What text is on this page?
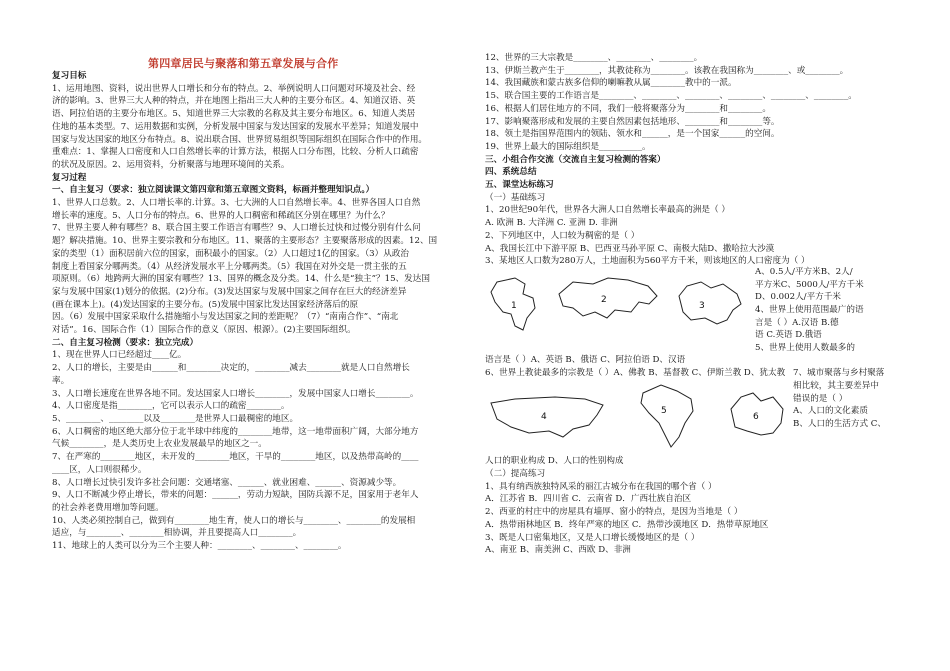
第四章居民与聚落和第五章发展与合作
复习目标
1、运用地图、资料，说出世界人口增长和分布的特点。2、举例说明人口问题对环境及社会、经
济的影响。3、世界三大人种的特点，并在地图上指出三大人种的主要分布区。4、知道汉语、英
语、阿拉伯语的主要分布地区。5、知道世界三大宗教的名称及其主要分布地区。6、知道人类居
住地的基本类型。7、运用数据和实例，分析发展中国家与发达国家的发展水平差异；知道发展中
国家与发达国家的地区分布特点。8、说出联合国、世界贸易组织等国际组织在国际合作中的作用。
重难点：1、掌握人口密度和人口自然增长率的计算方法，根据人口分布图，比较、分析人口疏密
的状况及原因。2、运用资料，分析聚落与地理环境间的关系。
复习过程
一、自主复习（要求：独立阅读课文第四章和第五章图文资料，标画并整理知识点。）
1、世界人口总数。2、人口增长率的.计算。3、七大洲的人口自然增长率。4、世界各国人口自然
增长率的速度。5、人口分布的特点。6、世界的人口稠密和稀疏区分别在哪里？为什么？
7、世界主要人种有哪些？8、联合国主要工作语言有哪些？9、人口增长过快和过慢分别有什么问
题？解决措施。10、世界主要宗教和分布地区。11、聚落的主要形态？主要聚落形成的因素。12、国
家的类型（1）面积居前六位的国家，面积最小的国家。（2）人口超过1亿的国家。（3）从政治
制度上看国家分哪两类。（4）从经济发展水平上分哪两类。（5）我国在对外交是一贯主张的五
项原则。（6）地跨两大洲的国家有哪些？13、国界的概念及分类。14、什么是“独主”？15、发达国
家与发展中国家(1)划分的依据。(2)分布。(3)发达国家与发展中国家之间存在巨大的经济差异
(画在课本上)。(4)发达国家的主要分布。(5)发展中国家比发达国家经济落后的原
因。（6）发展中国家采取什么措施缩小与发达国家之间的差距呢？（7）“南南合作”、“南北
对话”。16、国际合作（1）国际合作的意义（原因、根源）。(2)主要国际组织。
二、自主复习检测（要求：独立完成）
1、现在世界人口已经超过____亿。
2、人口的增长，主要是由______和________决定的，________减去________就是人口自然增长
率。
3、人口增长速度在世界各地不同。发达国家人口增长________，发展中国家人口增长________。
4、人口密度是指________，它可以表示人口的疏密________。
5、________、________以及________是世界人口最稠密的地区。
6、人口稠密的地区绝大部分位于北半球中纬度的________地带，这一地带面积广阔，大部分地方
气候________，是人类历史上农业发展最早的地区之一。
7、在严寒的________地区，未开发的________地区，干旱的________地区，以及热带高岭的____
____区，人口则很稀少。
8、人口增长过快引发许多社会问题：交通堵塞、______、就业困难、______、资源减少等。
9、人口不断减少停止增长，带来的问题：______，劳动力短缺，国防兵源不足，国家用于老年人
的社会养老费用增加等问题。
10、人类必须控制自己，做到有________地生育，使人口的增长与________、________的发展相
适应，与________、________相协调，并且要提高人口________。
11、地球上的人类可以分为三个主要人种：________、________、________。
12、世界的三大宗教是________、________、________。
13、伊斯兰教产生于________，其教徒称为________。该教在我国称为________、或________。
14、我国藏族和蒙古族多信仰的喇嘛教从属________教中的一派。
15、联合国主要的工作语言是________、________、________、________、________、________。
16、根据人们居住地方的不同，我们一般将聚落分为________和________。
17、影响聚落形成和发展的主要自然因素包括地形、________和________等。
18、领土是指国界范围内的领陆、领水和______，是一个国家______的空间。
19、世界上最大的国际组织是__________。
三、小组合作交流（交流自主复习检测的答案）
四、系统总结
五、课堂达标练习
（一）基础练习
1、20世纪90年代，世界各大洲人口自然增长率最高的洲是（ ）
A. 欧洲 B. 大洋洲 C. 亚洲 D. 非洲
2、下列地区中，人口较为稠密的是（ ）
A、我国长江中下游平原 B、巴西亚马孙平原 C、南极大陆D、撒哈拉大沙漠
3、某地区人口数为280万人，土地面积为560平方千米，则该地区的人口密度为（ ）
1
2
3
A、0.5人/平方米B、2人/
平方米C、5000人/平方千米
D、0.002人/平方千米
4、世界上使用范围最广的语
言是（ ）A.汉语 B.德
语 C.英语 D.俄语
5、世界上使用人数最多的
语言是（ ）A、英语 B、俄语 C、阿拉伯语 D、汉语
6、世界上教徒最多的宗教是（ ）A、佛教 B、基督教 C、伊斯兰教 D、犹太教
4
5
6
7、城市聚落与乡村聚落
相比较，其主要差异中
错误的是（ ）
A、人口的文化素质
B、人口的生活方式 C、
人口的职业构成 D、人口的性别构成
（二）提高练习
1、具有纳西族独特风采的丽江古城分布在我国的哪个省（ ）
A．江苏省 B．四川省 C．云南省 D．广西壮族自治区
2、西亚的村庄中的房屋具有墙厚、窗小的特点，是因为当地是（ ）
A．热带雨林地区 B．终年严寒的地区 C．热带沙漠地区 D．热带草原地区
3、既是人口密集地区，又是人口增长缓慢地区的是（ ）
A、南亚 B、南美洲 C、西欧 D、非洲
